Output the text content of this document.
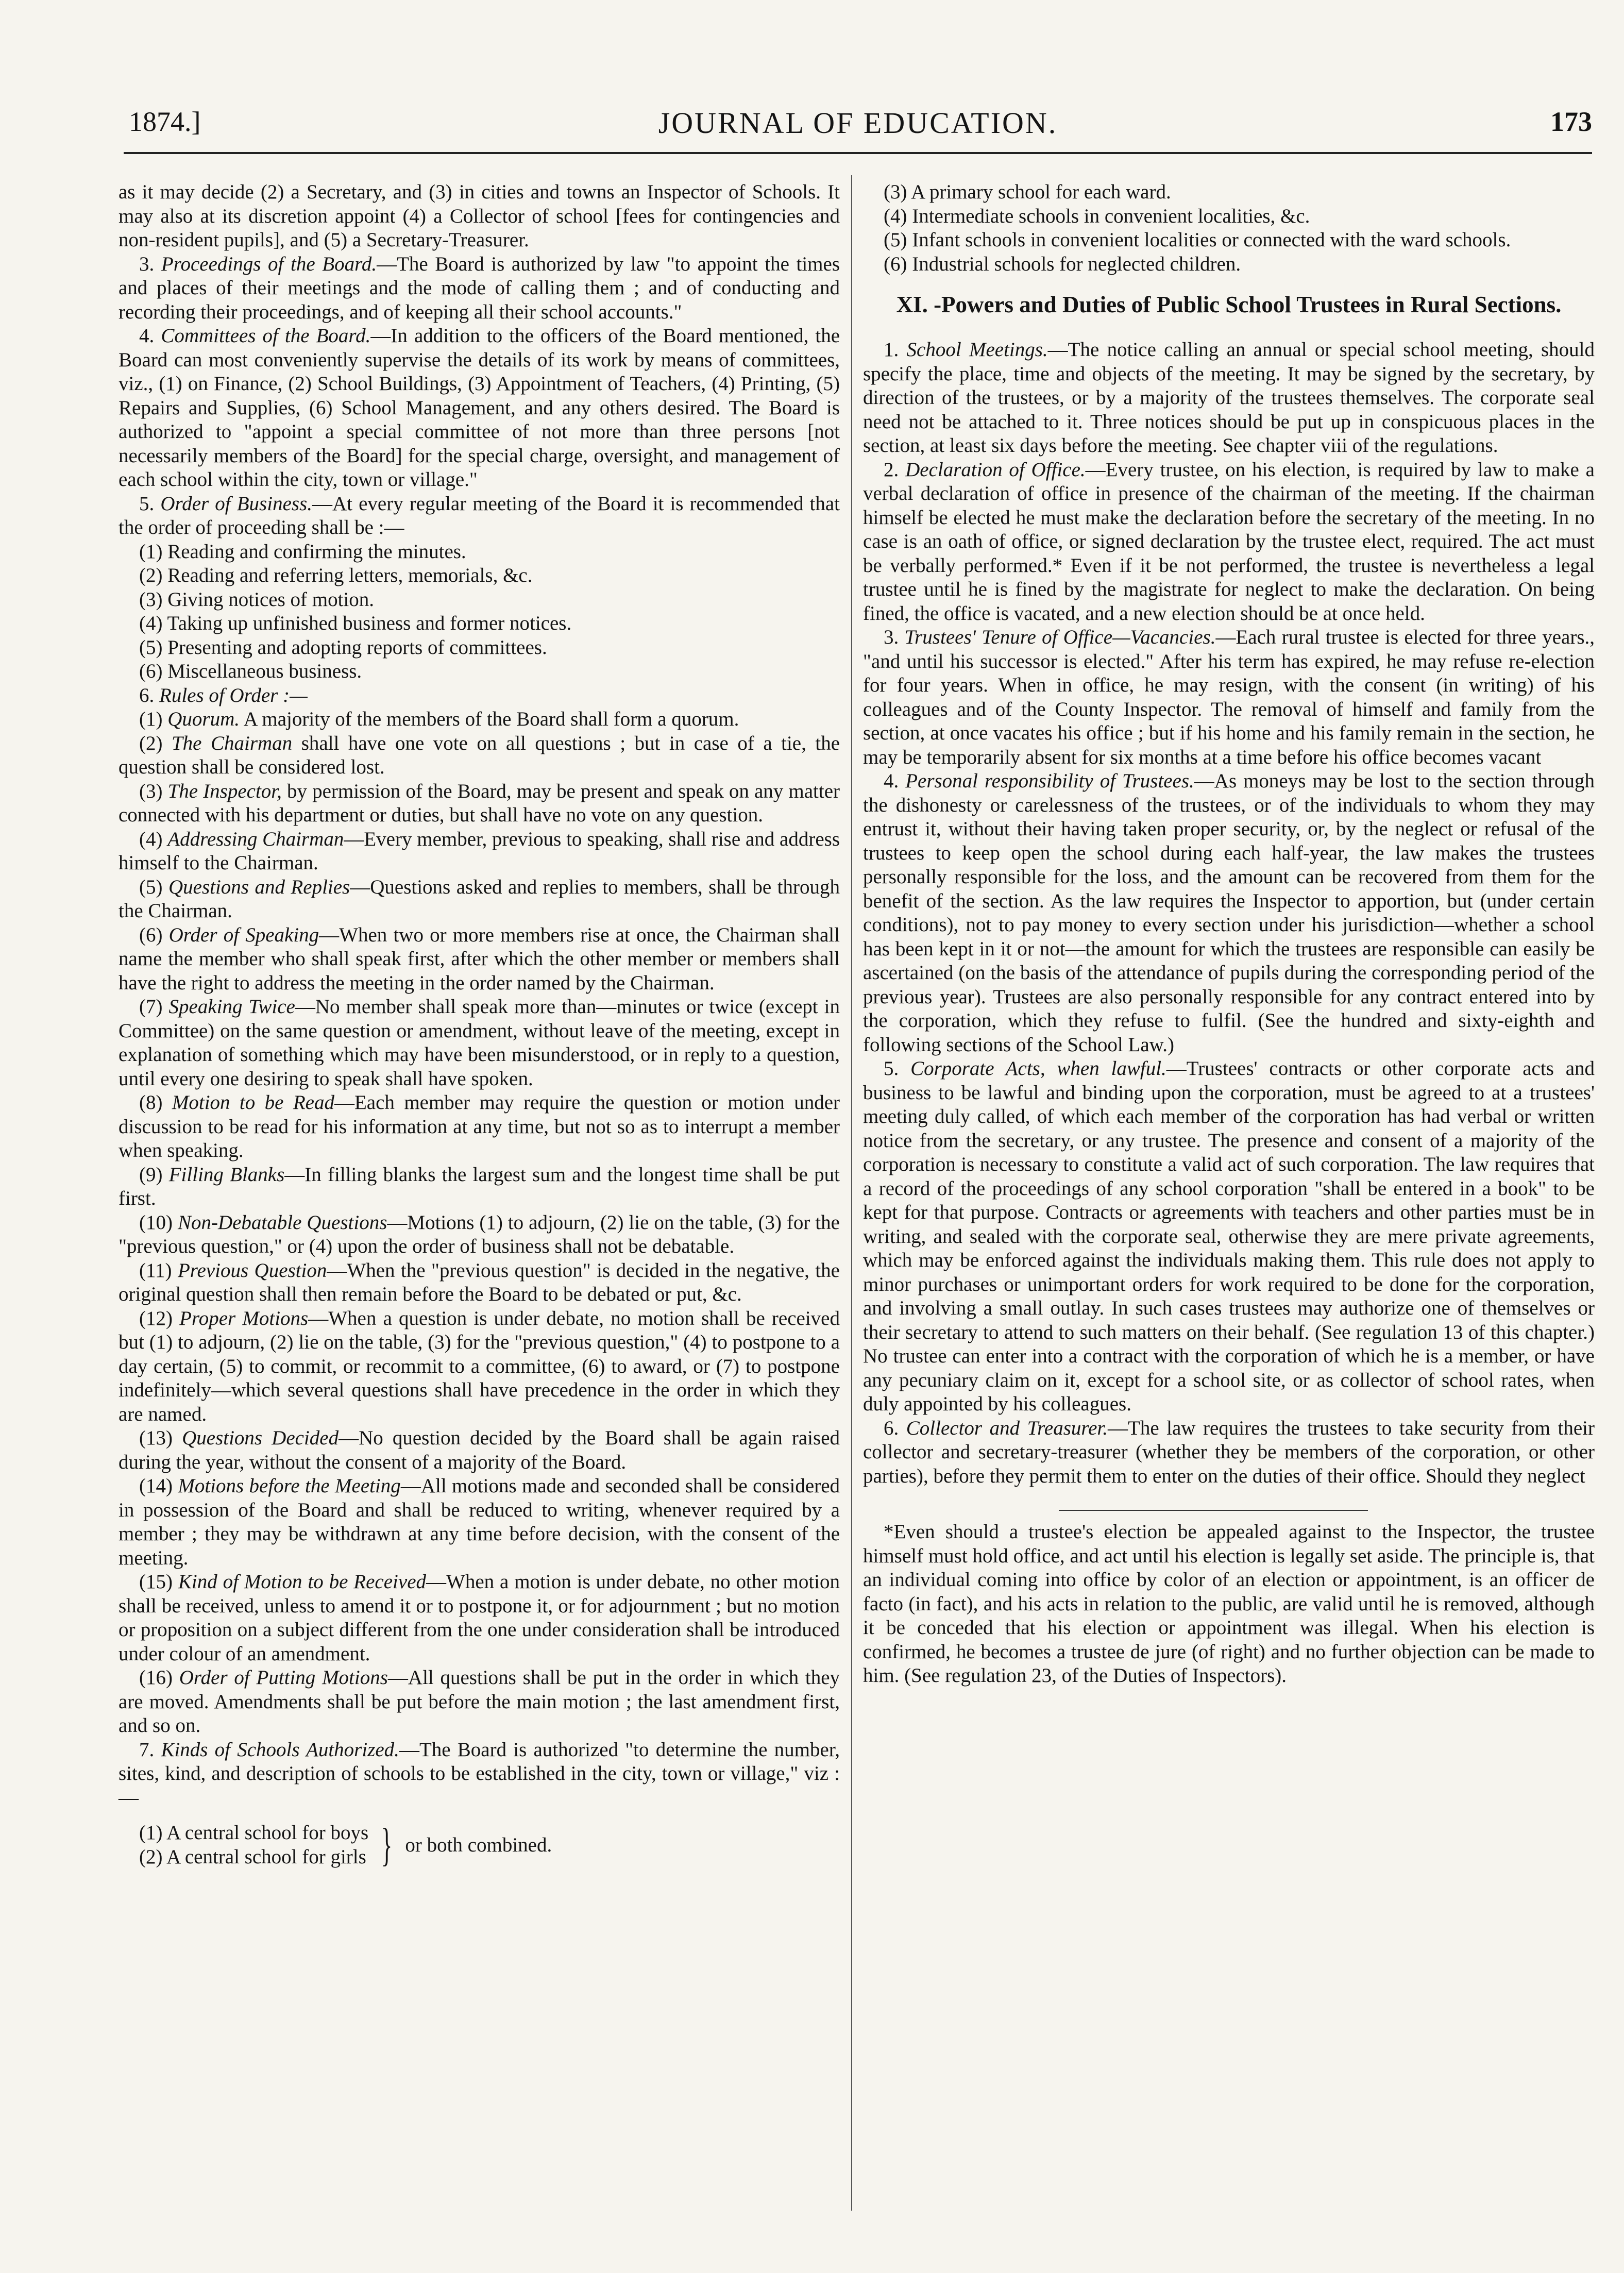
1874.]	JOURNAL OF EDUCATION.	173

as it may decide (2) a Secretary, and (3) in cities and towns an Inspector of Schools. It may also at its discretion appoint (4) a Collector of school [fees for contingencies and non-resident pupils], and (5) a Secretary-Treasurer.

3. Proceedings of the Board.—The Board is authorized by law "to appoint the times and places of their meetings and the mode of calling them ; and of conducting and recording their proceedings, and of keeping all their school accounts."

4. Committees of the Board.—In addition to the officers of the Board mentioned, the Board can most conveniently supervise the details of its work by means of committees, viz., (1) on Finance, (2) School Buildings, (3) Appointment of Teachers, (4) Printing, (5) Repairs and Supplies, (6) School Management, and any others desired. The Board is authorized to "appoint a special committee of not more than three persons [not necessarily members of the Board] for the special charge, oversight, and management of each school within the city, town or village."

5. Order of Business.—At every regular meeting of the Board it is recommended that the order of proceeding shall be :—

(1) Reading and confirming the minutes.
(2) Reading and referring letters, memorials, &c.
(3) Giving notices of motion.
(4) Taking up unfinished business and former notices.
(5) Presenting and adopting reports of committees.
(6) Miscellaneous business.

6. Rules of Order :—

(1) Quorum. A majority of the members of the Board shall form a quorum.

(2) The Chairman shall have one vote on all questions ; but in case of a tie, the question shall be considered lost.

(3) The Inspector, by permission of the Board, may be present and speak on any matter connected with his department or duties, but shall have no vote on any question.

(4) Addressing Chairman—Every member, previous to speaking, shall rise and address himself to the Chairman.

(5) Questions and Replies—Questions asked and replies to members, shall be through the Chairman.

(6) Order of Speaking—When two or more members rise at once, the Chairman shall name the member who shall speak first, after which the other member or members shall have the right to address the meeting in the order named by the Chairman.

(7) Speaking Twice—No member shall speak more than—minutes or twice (except in Committee) on the same question or amendment, without leave of the meeting, except in explanation of something which may have been misunderstood, or in reply to a question, until every one desiring to speak shall have spoken.

(8) Motion to be Read—Each member may require the question or motion under discussion to be read for his information at any time, but not so as to interrupt a member when speaking.

(9) Filling Blanks—In filling blanks the largest sum and the longest time shall be put first.

(10) Non-Debatable Questions—Motions (1) to adjourn, (2) lie on the table, (3) for the "previous question," or (4) upon the order of business shall not be debatable.

(11) Previous Question—When the "previous question" is decided in the negative, the original question shall then remain before the Board to be debated or put, &c.

(12) Proper Motions—When a question is under debate, no motion shall be received but (1) to adjourn, (2) lie on the table, (3) for the "previous question," (4) to postpone to a day certain, (5) to commit, or recommit to a committee, (6) to award, or (7) to postpone indefinitely—which several questions shall have precedence in the order in which they are named.

(13) Questions Decided—No question decided by the Board shall be again raised during the year, without the consent of a majority of the Board.

(14) Motions before the Meeting—All motions made and seconded shall be considered in possession of the Board and shall be reduced to writing, whenever required by a member ; they may be withdrawn at any time before decision, with the consent of the meeting.

(15) Kind of Motion to be Received—When a motion is under debate, no other motion shall be received, unless to amend it or to postpone it, or for adjournment ; but no motion or proposition on a subject different from the one under consideration shall be introduced under colour of an amendment.

(16) Order of Putting Motions—All questions shall be put in the order in which they are moved. Amendments shall be put before the main motion ; the last amendment first, and so on.

7. Kinds of Schools Authorized.—The Board is authorized "to determine the number, sites, kind, and description of schools to be established in the city, town or village," viz :—

(1) A central school for boys
(2) A central school for girls } or both combined.
(3) A primary school for each ward.
(4) Intermediate schools in convenient localities, &c.
(5) Infant schools in convenient localities or connected with the ward schools.
(6) Industrial schools for neglected children.
XI. -Powers and Duties of Public School Trustees in Rural Sections.

1. School Meetings.—The notice calling an annual or special school meeting, should specify the place, time and objects of the meeting. It may be signed by the secretary, by direction of the trustees, or by a majority of the trustees themselves. The corporate seal need not be attached to it. Three notices should be put up in conspicuous places in the section, at least six days before the meeting. See chapter viii of the regulations.

2. Declaration of Office.—Every trustee, on his election, is required by law to make a verbal declaration of office in presence of the chairman of the meeting. If the chairman himself be elected he must make the declaration before the secretary of the meeting. In no case is an oath of office, or signed declaration by the trustee elect, required. The act must be verbally performed.* Even if it be not performed, the trustee is nevertheless a legal trustee until he is fined by the magistrate for neglect to make the declaration. On being fined, the office is vacated, and a new election should be at once held.

3. Trustees' Tenure of Office—Vacancies.—Each rural trustee is elected for three years., "and until his successor is elected." After his term has expired, he may refuse re-election for four years. When in office, he may resign, with the consent (in writing) of his colleagues and of the County Inspector. The removal of himself and family from the section, at once vacates his office ; but if his home and his family remain in the section, he may be temporarily absent for six months at a time before his office becomes vacant

4. Personal responsibility of Trustees.—As moneys may be lost to the section through the dishonesty or carelessness of the trustees, or of the individuals to whom they may entrust it, without their having taken proper security, or, by the neglect or refusal of the trustees to keep open the school during each half-year, the law makes the trustees personally responsible for the loss, and the amount can be recovered from them for the benefit of the section. As the law requires the Inspector to apportion, but (under certain conditions), not to pay money to every section under his jurisdiction—whether a school has been kept in it or not—the amount for which the trustees are responsible can easily be ascertained (on the basis of the attendance of pupils during the corresponding period of the previous year). Trustees are also personally responsible for any contract entered into by the corporation, which they refuse to fulfil. (See the hundred and sixty-eighth and following sections of the School Law.)

5. Corporate Acts, when lawful.—Trustees' contracts or other corporate acts and business to be lawful and binding upon the corporation, must be agreed to at a trustees' meeting duly called, of which each member of the corporation has had verbal or written notice from the secretary, or any trustee. The presence and consent of a majority of the corporation is necessary to constitute a valid act of such corporation. The law requires that a record of the proceedings of any school corporation "shall be entered in a book" to be kept for that purpose. Contracts or agreements with teachers and other parties must be in writing, and sealed with the corporate seal, otherwise they are mere private agreements, which may be enforced against the individuals making them. This rule does not apply to minor purchases or unimportant orders for work required to be done for the corporation, and involving a small outlay. In such cases trustees may authorize one of themselves or their secretary to attend to such matters on their behalf. (See regulation 13 of this chapter.) No trustee can enter into a contract with the corporation of which he is a member, or have any pecuniary claim on it, except for a school site, or as collector of school rates, when duly appointed by his colleagues.

6. Collector and Treasurer.—The law requires the trustees to take security from their collector and secretary-treasurer (whether they be members of the corporation, or other parties), before they permit them to enter on the duties of their office. Should they neglect

*Even should a trustee's election be appealed against to the Inspector, the trustee himself must hold office, and act until his election is legally set aside. The principle is, that an individual coming into office by color of an election or appointment, is an officer de facto (in fact), and his acts in relation to the public, are valid until he is removed, although it be conceded that his election or appointment was illegal. When his election is confirmed, he becomes a trustee de jure (of right) and no further objection can be made to him. (See regulation 23, of the Duties of Inspectors).
